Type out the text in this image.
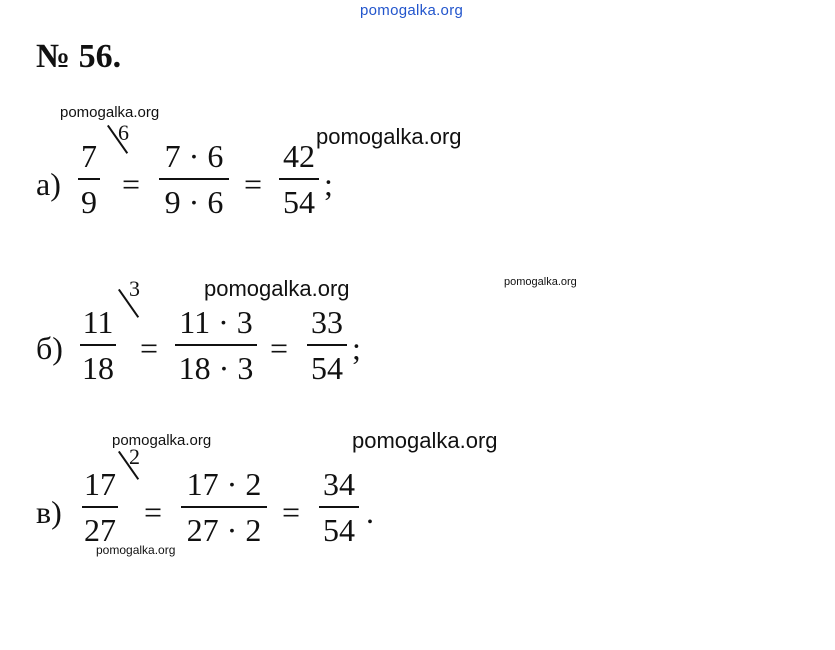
pomogalka.org
pomogalka.org
pomogalka.org
pomogalka.org	pomogalka.org
pomogalka.org	pomogalka.org
pomogalka.org
№ 56.
а)
7
9
6
=
7 · 6
9 · 6 =
42
54 ;
б)
11
18
3
=
11 · 3
18 · 3
=
33
54
;
в)
17
27
2
=
17 · 2
27 · 2 =
34
54 .
